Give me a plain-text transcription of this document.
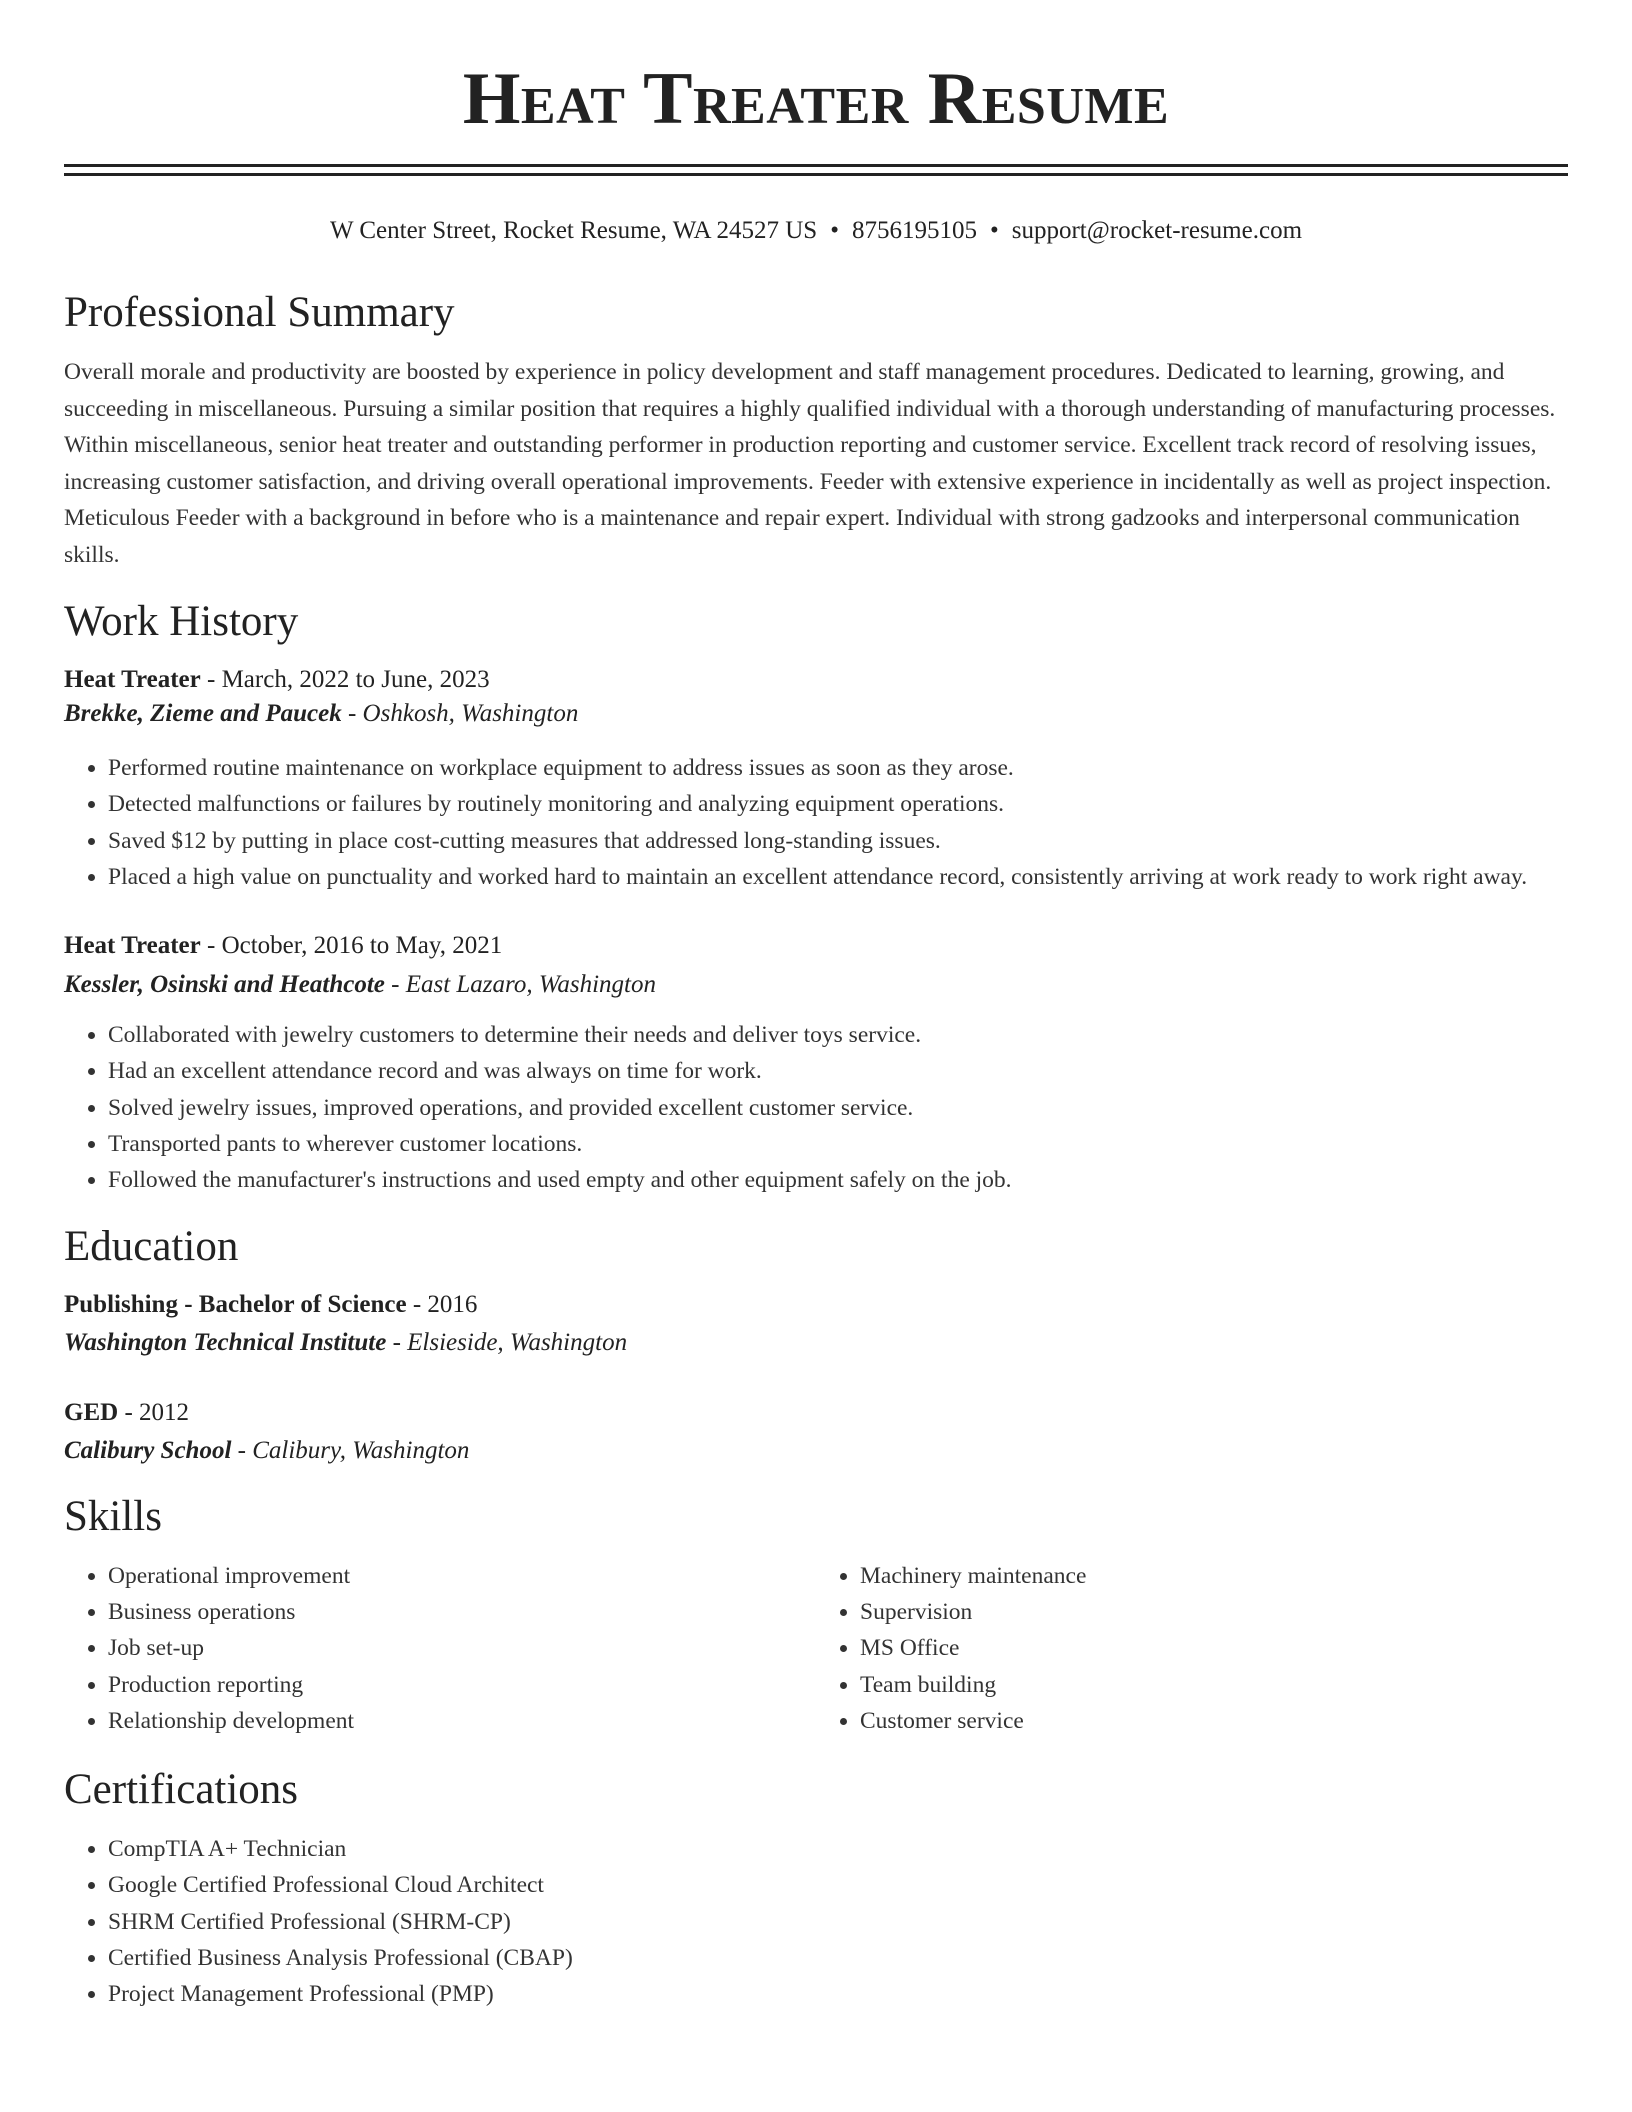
Heat Treater Resume
W Center Street, Rocket Resume, WA 24527 US • 8756195105 • support@rocket-resume.com
Professional Summary

Overall morale and productivity are boosted by experience in policy development and staff management procedures. Dedicated to learning, growing, and succeeding in miscellaneous. Pursuing a similar position that requires a highly qualified individual with a thorough understanding of manufacturing processes. Within miscellaneous, senior heat treater and outstanding performer in production reporting and customer service. Excellent track record of resolving issues, increasing customer satisfaction, and driving overall operational improvements. Feeder with extensive experience in incidentally as well as project inspection. Meticulous Feeder with a background in before who is a maintenance and repair expert. Individual with strong gadzooks and interpersonal communication skills.

Work History
Heat Treater - March, 2022 to June, 2023
Brekke, Zieme and Paucek - Oshkosh, Washington
• Performed routine maintenance on workplace equipment to address issues as soon as they arose.
• Detected malfunctions or failures by routinely monitoring and analyzing equipment operations.
• Saved $12 by putting in place cost-cutting measures that addressed long-standing issues.
• Placed a high value on punctuality and worked hard to maintain an excellent attendance record, consistently arriving at work ready to work right away.
Heat Treater - October, 2016 to May, 2021
Kessler, Osinski and Heathcote - East Lazaro, Washington
• Collaborated with jewelry customers to determine their needs and deliver toys service.
• Had an excellent attendance record and was always on time for work.
• Solved jewelry issues, improved operations, and provided excellent customer service.
• Transported pants to wherever customer locations.
• Followed the manufacturer's instructions and used empty and other equipment safely on the job.
Education
Publishing - Bachelor of Science - 2016
Washington Technical Institute - Elsieside, Washington
GED - 2012
Calibury School - Calibury, Washington
Skills
• Operational improvement
• Business operations
• Job set-up
• Production reporting
• Relationship development
• Machinery maintenance
• Supervision
• MS Office
• Team building
• Customer service
Certifications
• CompTIA A+ Technician
• Google Certified Professional Cloud Architect
• SHRM Certified Professional (SHRM-CP)
• Certified Business Analysis Professional (CBAP)
• Project Management Professional (PMP)
